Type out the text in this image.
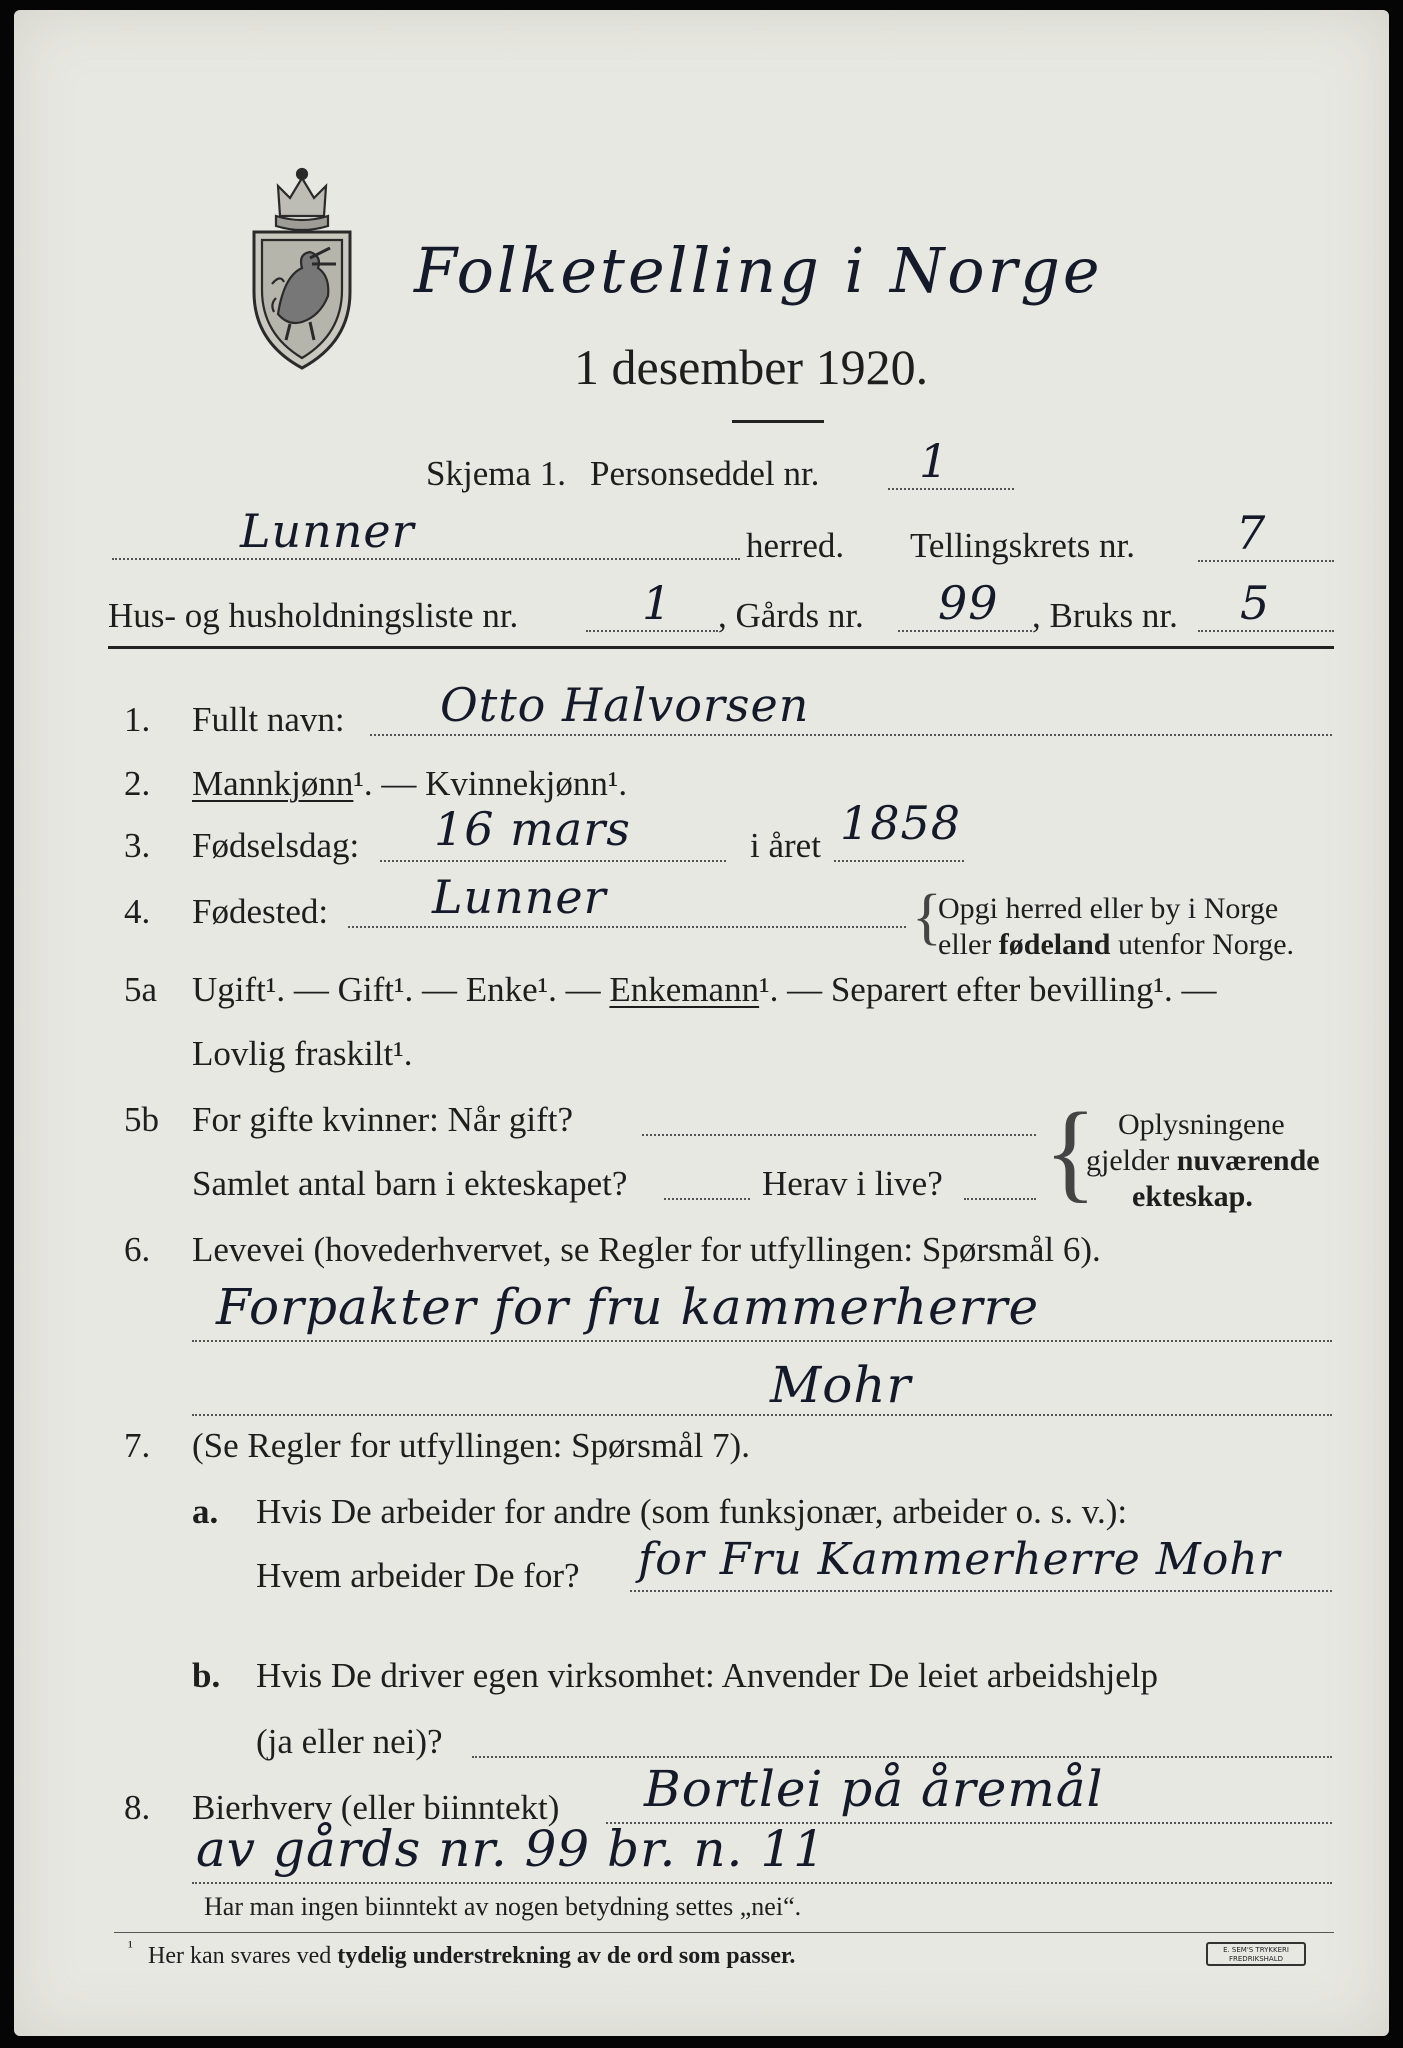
Folketelling i Norge
1 desember 1920.
Skjema 1. Personseddel nr. 1
Lunner	herred. Tellingskrets nr. 7
Hus- og husholdningsliste nr.	1 , Gårds nr. 99 , Bruks nr. 5
1. Fullt navn: Otto Halvorsen
2. Mannkjønn¹. — Kvinnekjønn¹.
3. Fødselsdag: 16 mars	i året 1858
4. Fødested: Lunner	{
Opgi herred eller by i Norge
eller fødeland utenfor Norge.
5a Ugift¹. — Gift¹. — Enke¹. — Enkemann¹. — Separert efter bevilling¹. —
Lovlig fraskilt¹.
5b For gifte kvinner: Når gift?
Samlet antal barn i ekteskapet?	Herav i live? { Oplysningene
gjelder nuværende
ekteskap.
6. Levevei (hovederhvervet, se Regler for utfyllingen: Spørsmål 6).
Forpakter for fru kammerherre
Mohr
7. (Se Regler for utfyllingen: Spørsmål 7).
a. Hvis De arbeider for andre (som funksjonær, arbeider o. s. v.):
Hvem arbeider De for? for Fru Kammerherre Mohr
b. Hvis De driver egen virksomhet: Anvender De leiet arbeidshjelp
(ja eller nei)?
8. Bierhverv (eller biinntekt) Bortlei på åremål
av gårds nr. 99 br. n. 11
Har man ingen biinntekt av nogen betydning settes „nei“.
¹ Her kan svares ved tydelig understrekning av de ord som passer.	E. SEM'S TRYKKERI
FREDRIKSHALD
